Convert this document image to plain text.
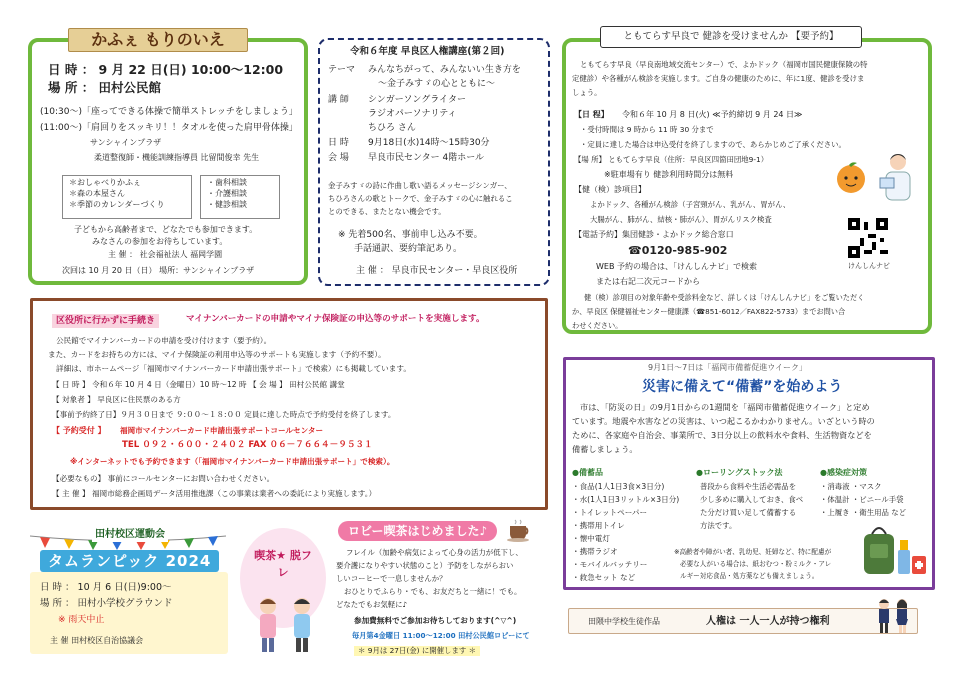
かふぇ もりのいえ
日 時 ： 9 月 22 日(日) 10:00～12:00
場 所 ： 田村公民館
(10:30～)「座ってできる体操で簡単ストレッチをしましょう」
(11:00～)「肩回りをスッキリ！！タオルを使った肩甲骨体操」
サンシャインプラザ
柔道整復師・機能訓練指導員 比留間俊幸 先生
＊おしゃべりかふぇ
＊森の本屋さん
＊季節のカレンダーづくり
・歯科相談
・介護相談
・健診相談
子どもから高齢者まで、どなたでも参加できます。
みなさんの参加をお待ちしています。
主 催 ： 社会福祉法人 福岡学園
次回は 10 月 20 日（日） 場所：サンシャインプラザ
令和６年度 早良区人権講座(第２回)
テーマ みんなちがって、みんないい生き方を
～金子みすゞの心とともに～
講 師 シンガーソングライター
ラジオパーソナリティ
ちひろ さん
日 時 9月18日(水)14時～15時30分
会 場 早良市民センター 4階ホール
金子みすゞの詩に作曲し歌い語るメッセージシンガー、
ちひろさんの歌とトークで、金子みすゞの心に触れるこ
とのできる、またとない機会です。
※ 先着500名、事前申し込み不要。
手話通訳、要約筆記あり。
主 催 ： 早良市民センター・早良区役所
ともてらす早良で 健診を受けませんか 【要予約】
ともてらす早良（早良南地域交流センター）で、よかドック（福岡市国民健康保険の特
定健診）や各種がん検診を実施します。ご自身の健康のために、年に1度、健診を受けま
しょう。
【日 程】 令和６年 10 月 8 日(火) ≪予約締切 9 月 24 日≫
・受付時間は 9 時から 11 時 30 分まで
・定員に達した場合は申込受付を終了しますので、あらかじめご了承ください。
【場 所】 ともてらす早良（住所：早良区四箇田団地9-1）
※駐車場有り 健診利用時間分は無料
【健（検）診項目】
よかドック、各種がん検診（子宮頸がん、乳がん、胃がん、
大腸がん、肺がん、結核・肺がん）、胃がんリスク検査
【電話予約】集団健診・よかドック総合窓口
☎0120-985-902
WEB 予約の場合は、「けんしんナビ」で検索
または右記二次元コードから
健（検）診項目の対象年齢や受診料金など、詳しくは「けんしんナビ」をご覧いただく
か、早良区 保健福祉センター健康課（☎851-6012／FAX822-5733）までお問い合
わせください。
けんしんナビ
区役所に行かずに手続き	マイナンバーカードの申請やマイナ保険証の申込等のサポートを実施します。
公民館でマイナンバーカードの申請を受け付けます（要予約）。
また、カードをお持ちの方には、マイナ保険証の利用申込等のサポートも実施します（予約不要）。
詳細は、市ホームページ「福岡市マイナンバーカード申請出張サポート」で検索）にも掲載しています。
【 日 時 】 令和６年 10 月 4 日（金曜日）10 時～12 時 【 会 場 】 田村公民館 講堂
【 対象者 】 早良区に住民票のある方
【事前予約終了日】９月３０日まで ９:００～１８:００ 定員に達した時点で予約受付を終了します。
【 予約受付 】 福岡市マイナンバーカード申請出張サポートコールセンター
TEL ０９２・６００・２４０２ FAX ０６－７６６４－９５３１
※インターネットでも予約できます（「福岡市マイナンバーカード申請出張サポート」で検索）。
【必要なもの】 事前にコールセンターにお問い合わせください。
【 主 催 】 福岡市総務企画局データ活用推進課（この事業は業者への委託により実施します。）
田村校区運動会
タムランピック 2024
日 時 ： 10 月 6 日(日)9:00～
場 所 ： 田村小学校グラウンド
※ 雨天中止
主 催 田村校区自治協議会
喫茶★ 脱フレ
ロビー喫茶はじめました♪
フレイル（加齢や病気によって心身の活力が低下し、
要介護になりやすい状態のこと）予防をしながらおい
しいコーヒーで一息しませんか？
おひとりでふらり・でも、お友だちと一緒に！でも。
どなたでもお気軽に♪
参加費無料でご参加お待ちしております(^▽^)
毎月第4金曜日 11:00～12:00 田村公民館ロビーにて
＊ 9月は 27日(金) に開催します ＊
9月1日～7日は「福岡市備蓄促進ウイーク」
災害に備えて“備蓄”を始めよう
市は、「防災の日」の9月1日からの1週間を「福岡市備蓄促進ウイーク」と定め
ています。地震や水害などの災害は、いつ起こるかわかりません。いざという時の
ために、各家庭や自治会、事業所で、3日分以上の飲料水や食料、生活物資などを
備蓄しましょう。
●備蓄品
・食品(1人1日3食×3日分)
・水(1人1日3リットル×3日分)
・トイレットペーパー
・携帯用トイレ
・懐中電灯
・携帯ラジオ
・モバイルバッテリー
・救急セット など
●ローリングストック法
普段から食料や生活必需品を
少し多めに購入しておき、食べ
た分だけ買い足して備蓄する
方法です。
●感染症対策
・消毒液 ・マスク
・体温計 ・ビニール手袋
・上履き ・衛生用品 など
※高齢者や障がい者、乳幼児、妊婦など、特に配慮が
必要な人がいる場合は、紙おむつ・粉ミルク・アレ
ルギー対応食品・処方薬なども備えましょう。
田隈中学校生徒作品	人権は 一人一人が持つ権利
